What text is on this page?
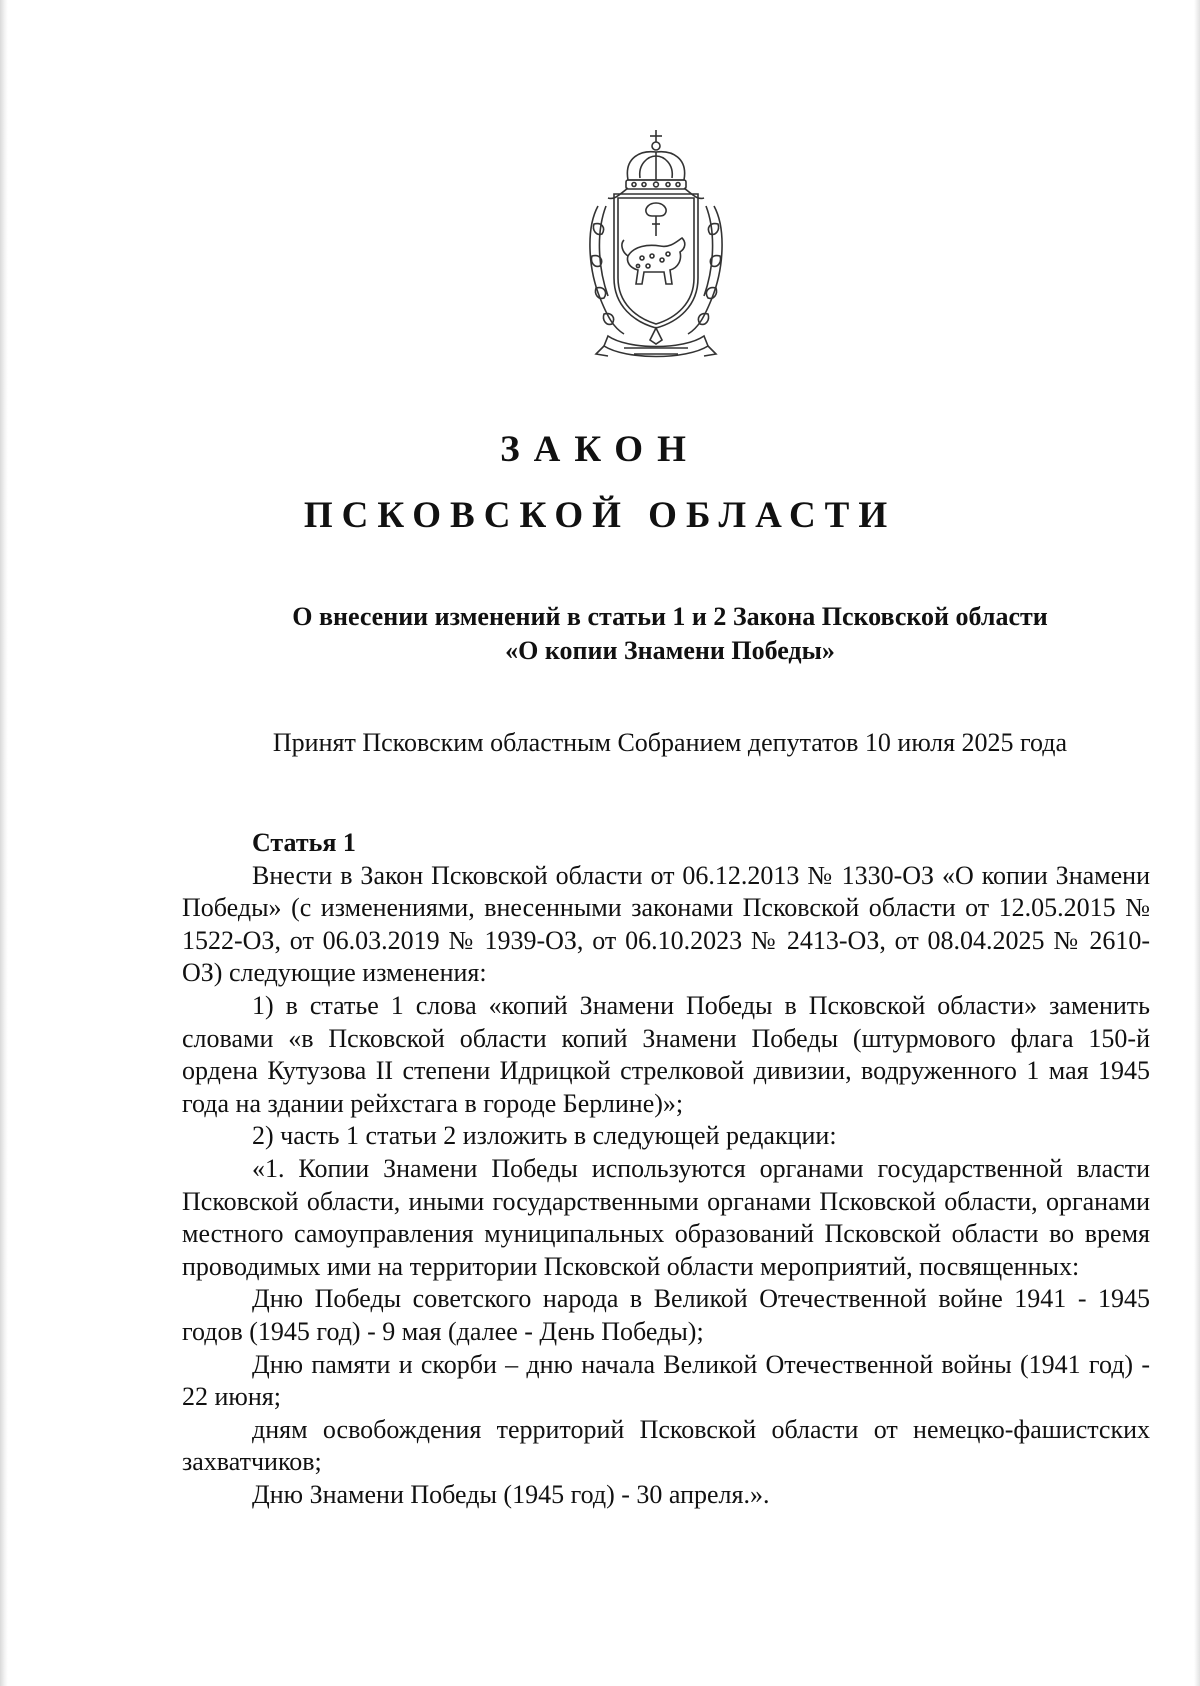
ЗАКОН
ПСКОВСКОЙ ОБЛАСТИ
О внесении изменений в статьи 1 и 2 Закона Псковской области
«О копии Знамени Победы»
Принят Псковским областным Собранием депутатов 10 июля 2025 года

Статья 1

Внести в Закон Псковской области от 06.12.2013 № 1330-ОЗ «О копии Знамени Победы» (с изменениями, внесенными законами Псковской области от 12.05.2015 № 1522-ОЗ, от 06.03.2019 № 1939-ОЗ, от 06.10.2023 № 2413-ОЗ, от 08.04.2025 № 2610-ОЗ) следующие изменения:

1) в статье 1 слова «копий Знамени Победы в Псковской области» заменить словами «в Псковской области копий Знамени Победы (штурмового флага 150-й ордена Кутузова II степени Идрицкой стрелковой дивизии, водруженного 1 мая 1945 года на здании рейхстага в городе Берлине)»;

2) часть 1 статьи 2 изложить в следующей редакции:

«1. Копии Знамени Победы используются органами государственной власти Псковской области, иными государственными органами Псковской области, органами местного самоуправления муниципальных образований Псковской области во время проводимых ими на территории Псковской области мероприятий, посвященных:

Дню Победы советского народа в Великой Отечественной войне 1941 - 1945 годов (1945 год) - 9 мая (далее - День Победы);

Дню памяти и скорби – дню начала Великой Отечественной войны (1941 год) - 22 июня;

дням освобождения территорий Псковской области от немецко-фашистских захватчиков;

Дню Знамени Победы (1945 год) - 30 апреля.».
